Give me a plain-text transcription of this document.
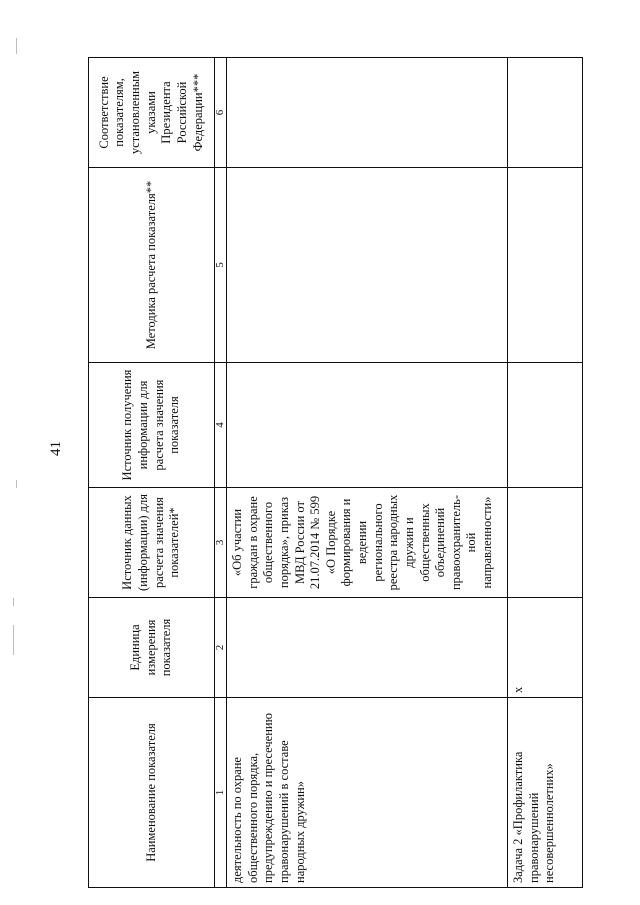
41
Наименование показателя	Единица измерения показателя	Источник данных (информации) для расчета значения показателей*	Источник получения информации для расчета значения показателя	Методика расчета показателя**	Соответствие показателям, установленным указами Президента Российской Федерации***
1	2	3	4	5	6
деятельность по охране общественного порядка, предупреждению и пресечению правонарушений в составе народных дружин»		«Об участии граждан в охране общественного порядка», приказ МВД России от 21.07.2014 № 599 «О Порядке формирования и ведении регионального реестра народных дружин и общественных объединений правоохранитель-ной направленности»			
Задача 2 «Профилактика правонарушений несовершеннолетних»	х				
